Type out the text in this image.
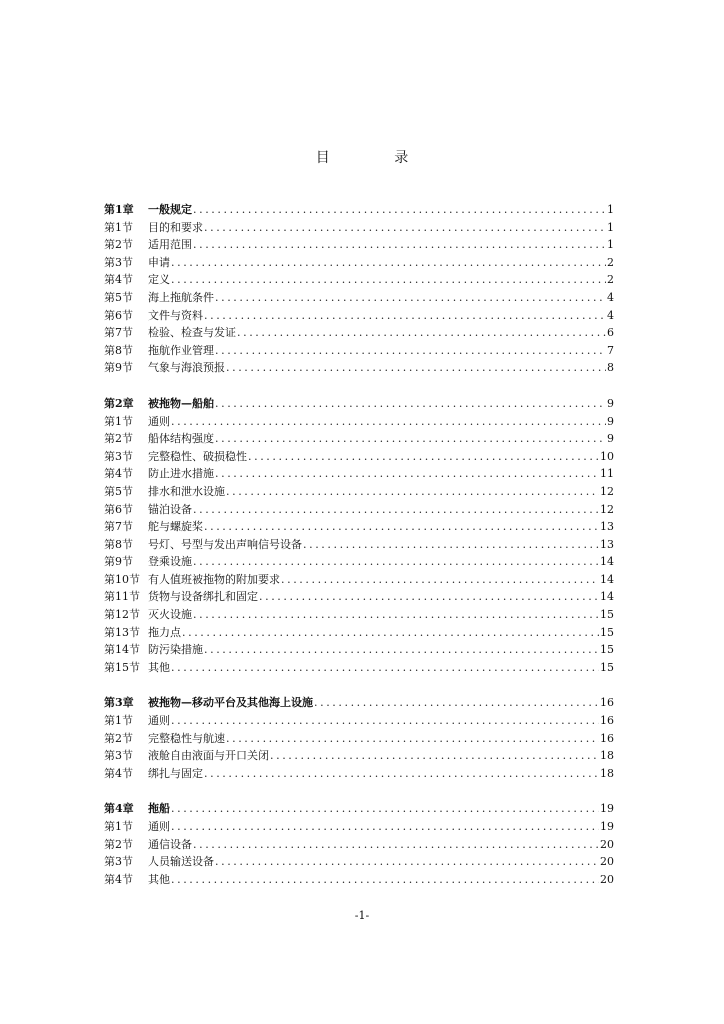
目 录
第1章	一般规定 .....	1
第1节	目的和要求 .....	1
第2节	适用范围 .....	1
第3节	申请 .....	2
第4节	定义 .....	2
第5节	海上拖航条件 .....	4
第6节	文件与资料 .....	4
第7节	检验、检查与发证 .....	6
第8节	拖航作业管理 .....	7
第9节	气象与海浪预报 .....	8
第2章	被拖物—船舶 .....	9
第1节	通则 .....	9
第2节	船体结构强度 .....	9
第3节	完整稳性、破损稳性 .....	10
第4节	防止进水措施 .....	11
第5节	排水和泄水设施 .....	12
第6节	锚泊设备 .....	12
第7节	舵与螺旋桨 .....	13
第8节	号灯、号型与发出声响信号设备 .....	13
第9节	登乘设施 .....	14
第10节 有人值班被拖物的附加要求 .....	14
第11节 货物与设备绑扎和固定 .....	14
第12节 灭火设施 .....	15
第13节 拖力点 .....	15
第14节 防污染措施 .....	15
第15节 其他 .....	15
第3章	被拖物—移动平台及其他海上设施 .....	16
第1节	通则 .....	16
第2节	完整稳性与航速 .....	16
第3节	液舱自由液面与开口关闭 .....	18
第4节	绑扎与固定 .....	18
第4章	拖船 .....	19
第1节	通则 .....	19
第2节	通信设备 .....	20
第3节	人员输送设备 .....	20
第4节	其他 .....	20
-1-
